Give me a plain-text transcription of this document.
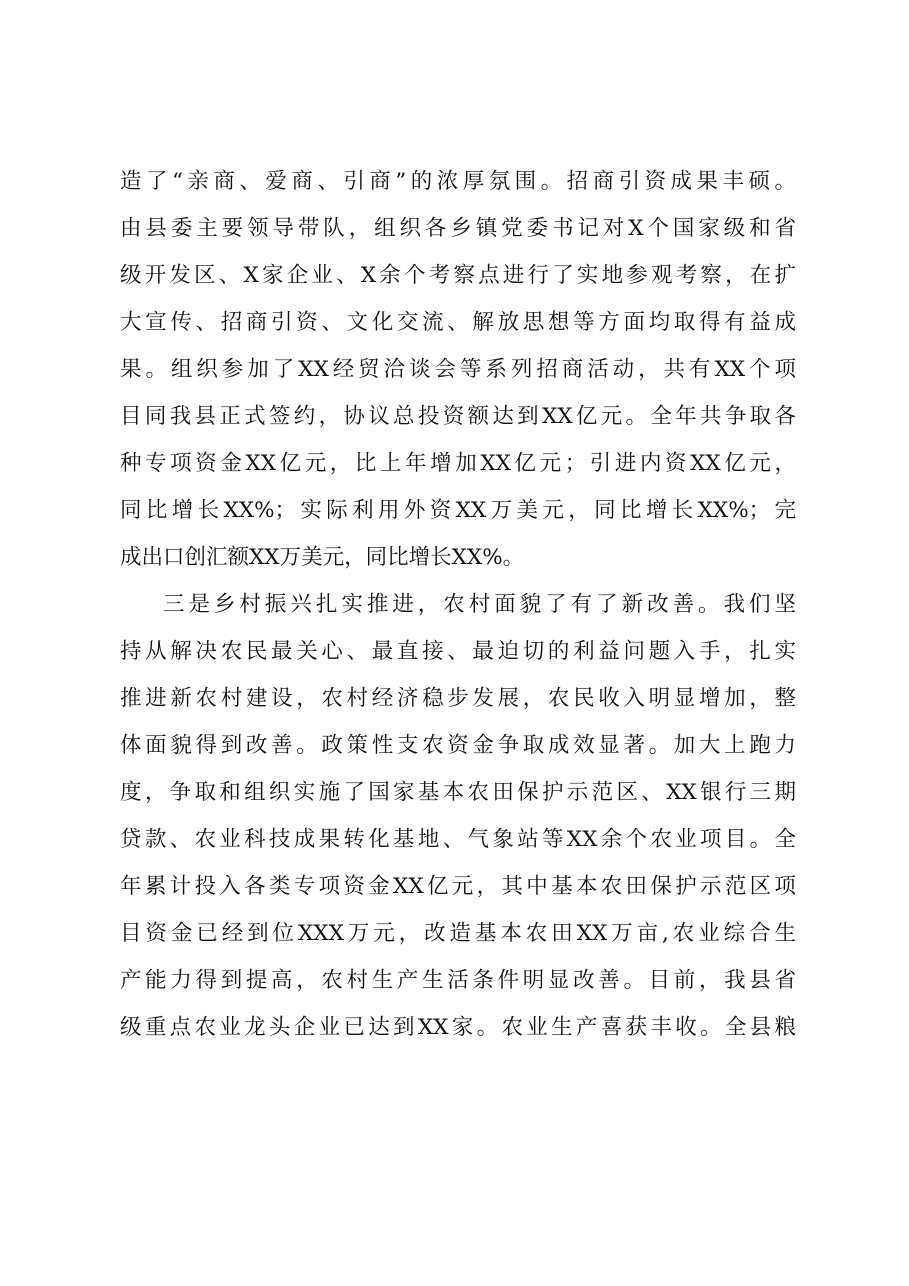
造了“亲商、爱商、引商”的浓厚氛围。招商引资成果丰硕。
由县委主要领导带队，组织各乡镇党委书记对X个国家级和省
级开发区、X家企业、X余个考察点进行了实地参观考察，在扩
大宣传、招商引资、文化交流、解放思想等方面均取得有益成
果。组织参加了XX经贸洽谈会等系列招商活动，共有XX个项
目同我县正式签约，协议总投资额达到XX亿元。全年共争取各
种专项资金XX亿元，比上年增加XX亿元；引进内资XX亿元，
同比增长XX%；实际利用外资XX万美元，同比增长XX%；完
成出口创汇额XX万美元，同比增长XX%。
三是乡村振兴扎实推进，农村面貌了有了新改善。我们坚
持从解决农民最关心、最直接、最迫切的利益问题入手，扎实
推进新农村建设，农村经济稳步发展，农民收入明显增加，整
体面貌得到改善。政策性支农资金争取成效显著。加大上跑力
度，争取和组织实施了国家基本农田保护示范区、XX银行三期
贷款、农业科技成果转化基地、气象站等XX余个农业项目。全
年累计投入各类专项资金XX亿元，其中基本农田保护示范区项
目资金已经到位XXX万元，改造基本农田XX万亩,农业综合生
产能力得到提高，农村生产生活条件明显改善。目前，我县省
级重点农业龙头企业已达到XX家。农业生产喜获丰收。全县粮
